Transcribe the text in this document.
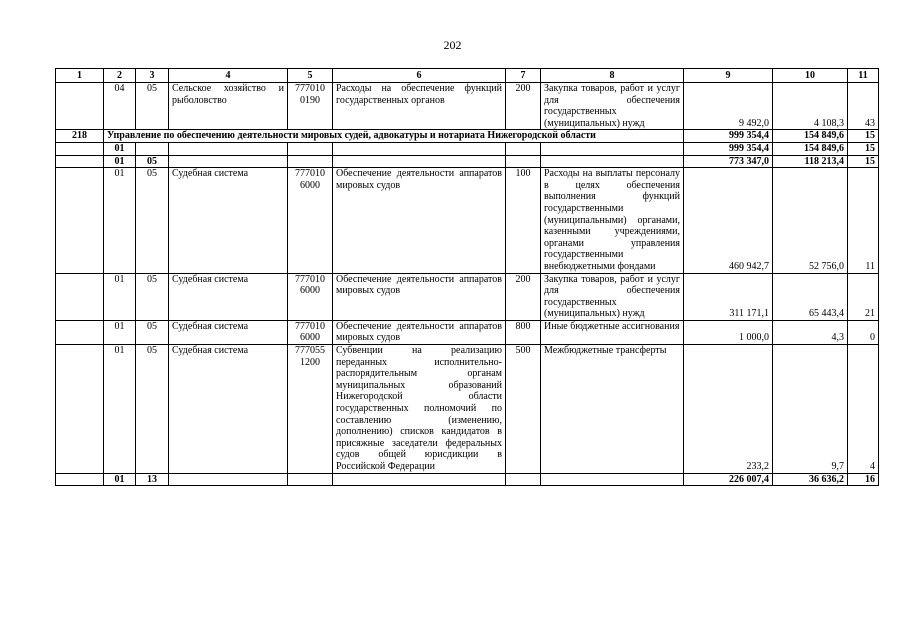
202
1	2	3	4	5	6	7	8	9	10	11
	04	05	Сельское хозяйство и рыболовство	777010 0190	Расходы на обеспечение функций государственных органов	200	Закупка товаров, работ и услуг для обеспечения государственных (муниципальных) нужд	9 492,0	4 108,3	43
218	Управление по обеспечению деятельности мировых судей, адвокатуры и нотариата Нижегородской области							999 354,4	154 849,6	15
	01							999 354,4	154 849,6	15
	01	05						773 347,0	118 213,4	15
	01	05	Судебная система	777010 6000	Обеспечение деятельности аппаратов мировых судов	100	Расходы на выплаты персоналу в целях обеспечения выполнения функций государственными (муниципальными) органами, казенными учреждениями, органами управления государственными внебюджетными фондами	460 942,7	52 756,0	11
	01	05	Судебная система	777010 6000	Обеспечение деятельности аппаратов мировых судов	200	Закупка товаров, работ и услуг для обеспечения государственных (муниципальных) нужд	311 171,1	65 443,4	21
	01	05	Судебная система	777010 6000	Обеспечение деятельности аппаратов мировых судов	800	Иные бюджетные ассигнования	1 000,0	4,3	0
	01	05	Судебная система	777055 1200	Субвенции на реализацию переданных исполнительно-распорядительным органам муниципальных образований Нижегородской области государственных полномочий по составлению (изменению, дополнению) списков кандидатов в присяжные заседатели федеральных судов общей юрисдикции в Российской Федерации	500	Межбюджетные трансферты	233,2	9,7	4
	01	13						226 007,4	36 636,2	16
